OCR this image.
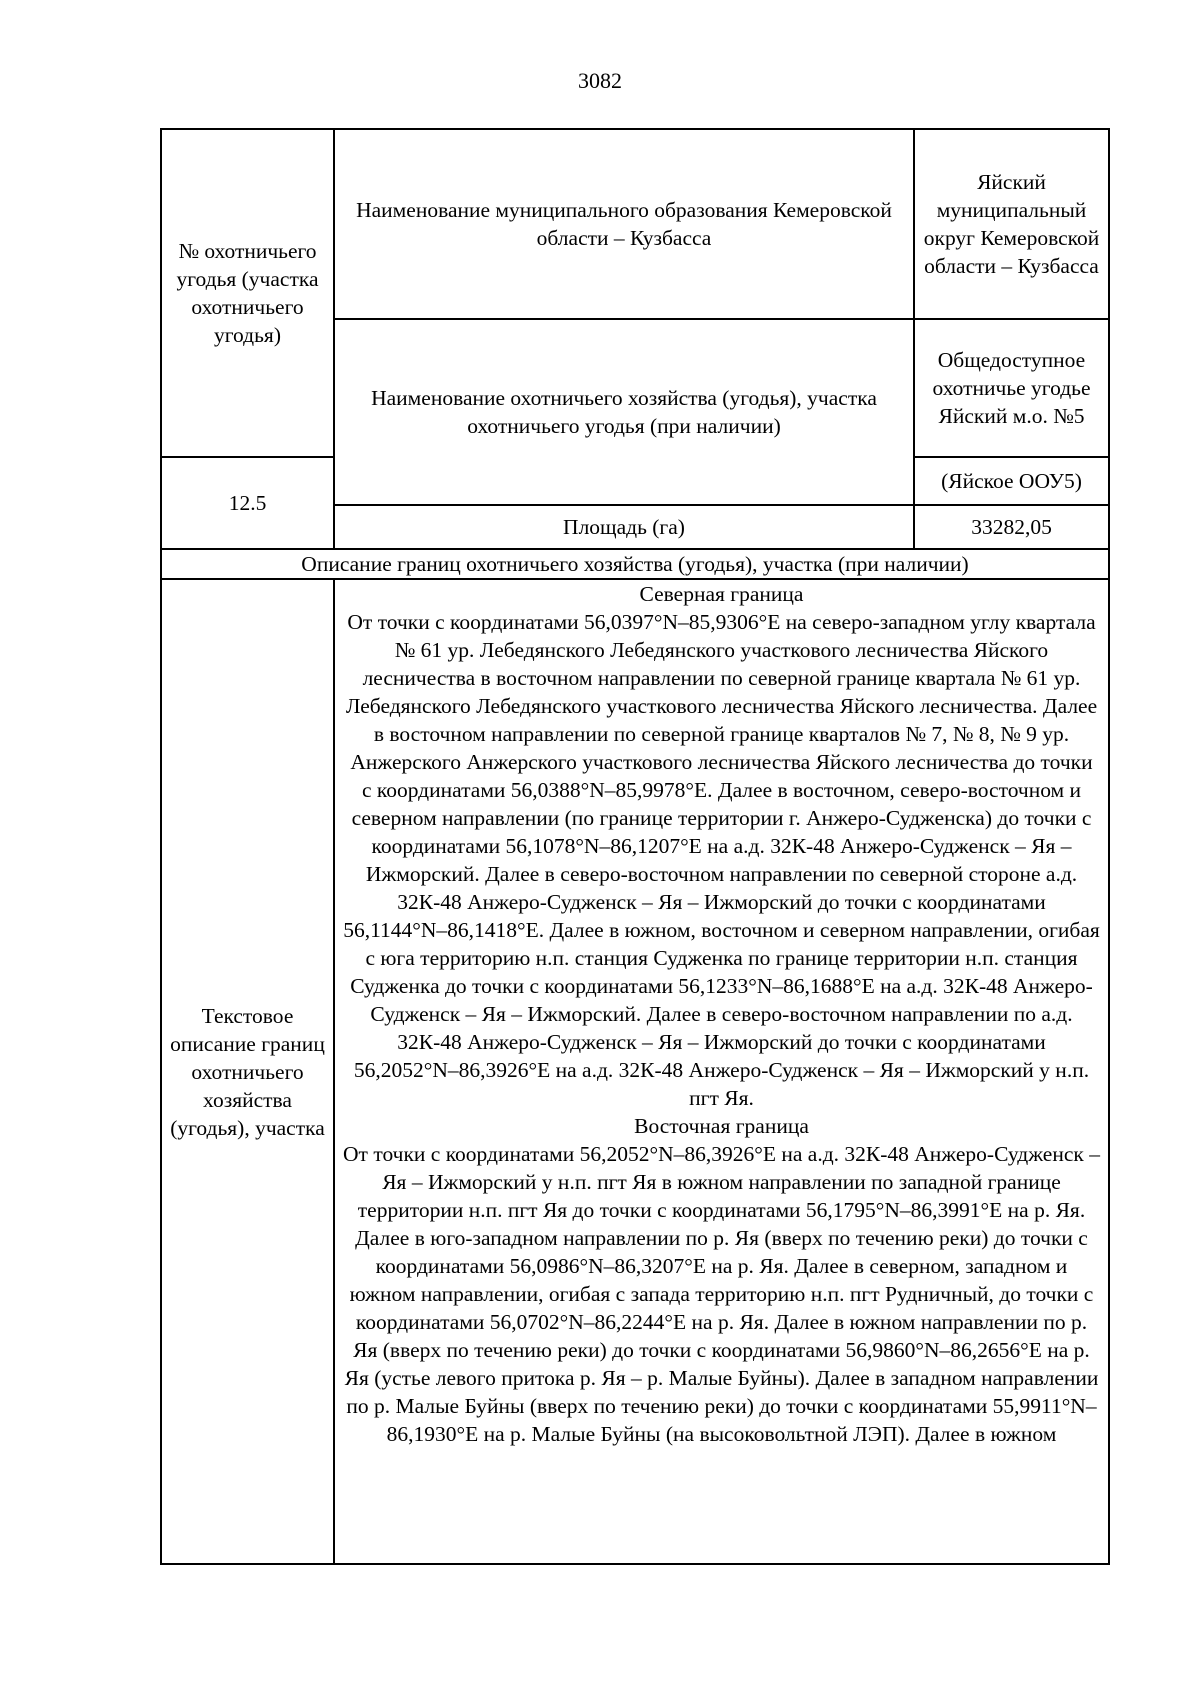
3082
№ охотничьего угодья (участка охотничьего угодья)	Наименование муниципального образования Кемеровской области – Кузбасса	Яйский муниципальный округ Кемеровской области – Кузбасса
	Наименование охотничьего хозяйства (угодья), участка охотничьего угодья (при наличии)	Общедоступное охотничье угодье Яйский м.о. №5
12.5		(Яйское ООУ5)
	Площадь (га)	33282,05
Описание границ охотничьего хозяйства (угодья), участка (при наличии)		
Текстовое описание границ охотничьего хозяйства (угодья), участка	Северная граница

От точки с координатами 56,0397°N–85,9306°E на северо-западном углу квартала № 61 ур. Лебедянского Лебедянского участкового лесничества Яйского лесничества в восточном направлении по северной границе квартала № 61 ур. Лебедянского Лебедянского участкового лесничества Яйского лесничества. Далее в восточном направлении по северной границе кварталов № 7, № 8, № 9 ур. Анжерского Анжерского участкового лесничества Яйского лесничества до точки с координатами 56,0388°N–85,9978°E. Далее в восточном, северо-восточном и северном направлении (по границе территории г. Анжеро-Судженска) до точки с координатами 56,1078°N–86,1207°E на а.д. 32К-48 Анжеро-Судженск – Яя – Ижморский. Далее в северо-восточном направлении по северной стороне а.д. 32К-48 Анжеро-Судженск – Яя – Ижморский до точки с координатами 56,1144°N–86,1418°E. Далее в южном, восточном и северном направлении, огибая с юга территорию н.п. станция Судженка по границе территории н.п. станция Судженка до точки с координатами 56,1233°N–86,1688°E на а.д. 32К-48 Анжеро-Судженск – Яя – Ижморский. Далее в северо-восточном направлении по а.д. 32К-48 Анжеро-Судженск – Яя – Ижморский до точки с координатами 56,2052°N–86,3926°E на а.д. 32К-48 Анжеро-Судженск – Яя – Ижморский у н.п. пгт Яя.

Восточная граница

От точки с координатами 56,2052°N–86,3926°E на а.д. 32К-48 Анжеро-Судженск – Яя – Ижморский у н.п. пгт Яя в южном направлении по западной границе территории н.п. пгт Яя до точки с координатами 56,1795°N–86,3991°E на р. Яя. Далее в юго-западном направлении по р. Яя (вверх по течению реки) до точки с координатами 56,0986°N–86,3207°E на р. Яя. Далее в северном, западном и южном направлении, огибая с запада территорию н.п. пгт Рудничный, до точки с координатами 56,0702°N–86,2244°E на р. Яя. Далее в южном направлении по р. Яя (вверх по течению реки) до точки с координатами 56,9860°N–86,2656°E на р. Яя (устье левого притока р. Яя – р. Малые Буйны). Далее в западном направлении по р. Малые Буйны (вверх по течению реки) до точки с координатами 55,9911°N–86,1930°E на р. Малые Буйны (на высоковольтной ЛЭП). Далее в южном	
